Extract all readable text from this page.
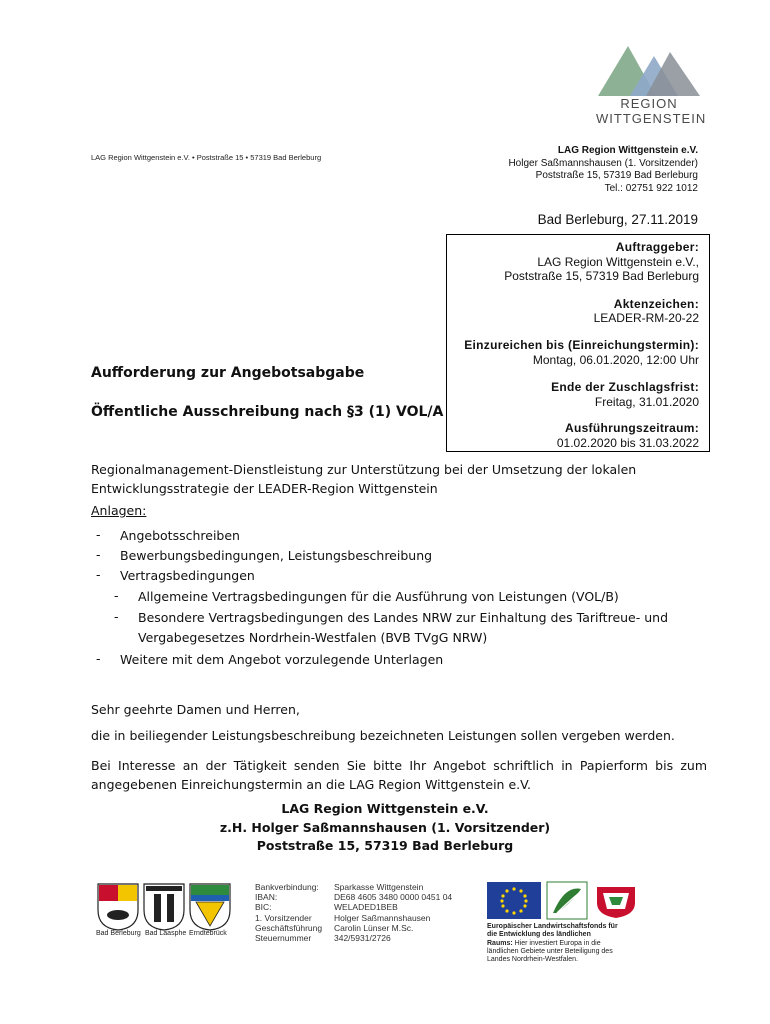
REGION
WITTGENSTEIN
LAG Region Wittgenstein e.V. • Poststraße 15 • 57319 Bad Berleburg
LAG Region Wittgenstein e.V.
Holger Saßmannshausen (1. Vorsitzender)
Poststraße 15, 57319 Bad Berleburg
Tel.: 02751 922 1012
Bad Berleburg, 27.11.2019
Auftraggeber:
LAG Region Wittgenstein e.V.,
Poststraße 15, 57319 Bad Berleburg
Aktenzeichen:
LEADER-RM-20-22
Einzureichen bis (Einreichungstermin):
Montag, 06.01.2020, 12:00 Uhr
Ende der Zuschlagsfrist:
Freitag, 31.01.2020
Ausführungszeitraum:
01.02.2020 bis 31.03.2022
Aufforderung zur Angebotsabgabe
Öffentliche Ausschreibung nach §3 (1) VOL/A
Regionalmanagement-Dienstleistung zur Unterstützung bei der Umsetzung der lokalen
Entwicklungsstrategie der LEADER-Region Wittgenstein
Anlagen:
- Angebotsschreiben
- Bewerbungsbedingungen, Leistungsbeschreibung
- Vertragsbedingungen
- Allgemeine Vertragsbedingungen für die Ausführung von Leistungen (VOL/B)
- Besondere Vertragsbedingungen des Landes NRW zur Einhaltung des Tariftreue- und
Vergabegesetzes Nordrhein-Westfalen (BVB TVgG NRW)
- Weitere mit dem Angebot vorzulegende Unterlagen
Sehr geehrte Damen und Herren,
die in beiliegender Leistungsbeschreibung bezeichneten Leistungen sollen vergeben werden.
Bei Interesse an der Tätigkeit senden Sie bitte Ihr Angebot schriftlich in Papierform bis zum angegebenen Einreichungstermin an die LAG Region Wittgenstein e.V.
LAG Region Wittgenstein e.V.
z.H. Holger Saßmannshausen (1. Vorsitzender)
Poststraße 15, 57319 Bad Berleburg
Bad Berleburg Bad Laasphe Erndtebrück
Bankverbindung:
IBAN:
BIC:
1. Vorsitzender
Geschäftsführung
Steuernummer
Sparkasse Wittgenstein
DE68 4605 3480 0000 0451 04
WELADED1BEB
Holger Saßmannshausen
Carolin Lünser M.Sc.
342/5931/2726
Europäischer Landwirtschaftsfonds für
die Entwicklung des ländlichen
Raums: Hier investiert Europa in die
ländlichen Gebiete unter Beteiligung des
Landes Nordrhein-Westfalen.
